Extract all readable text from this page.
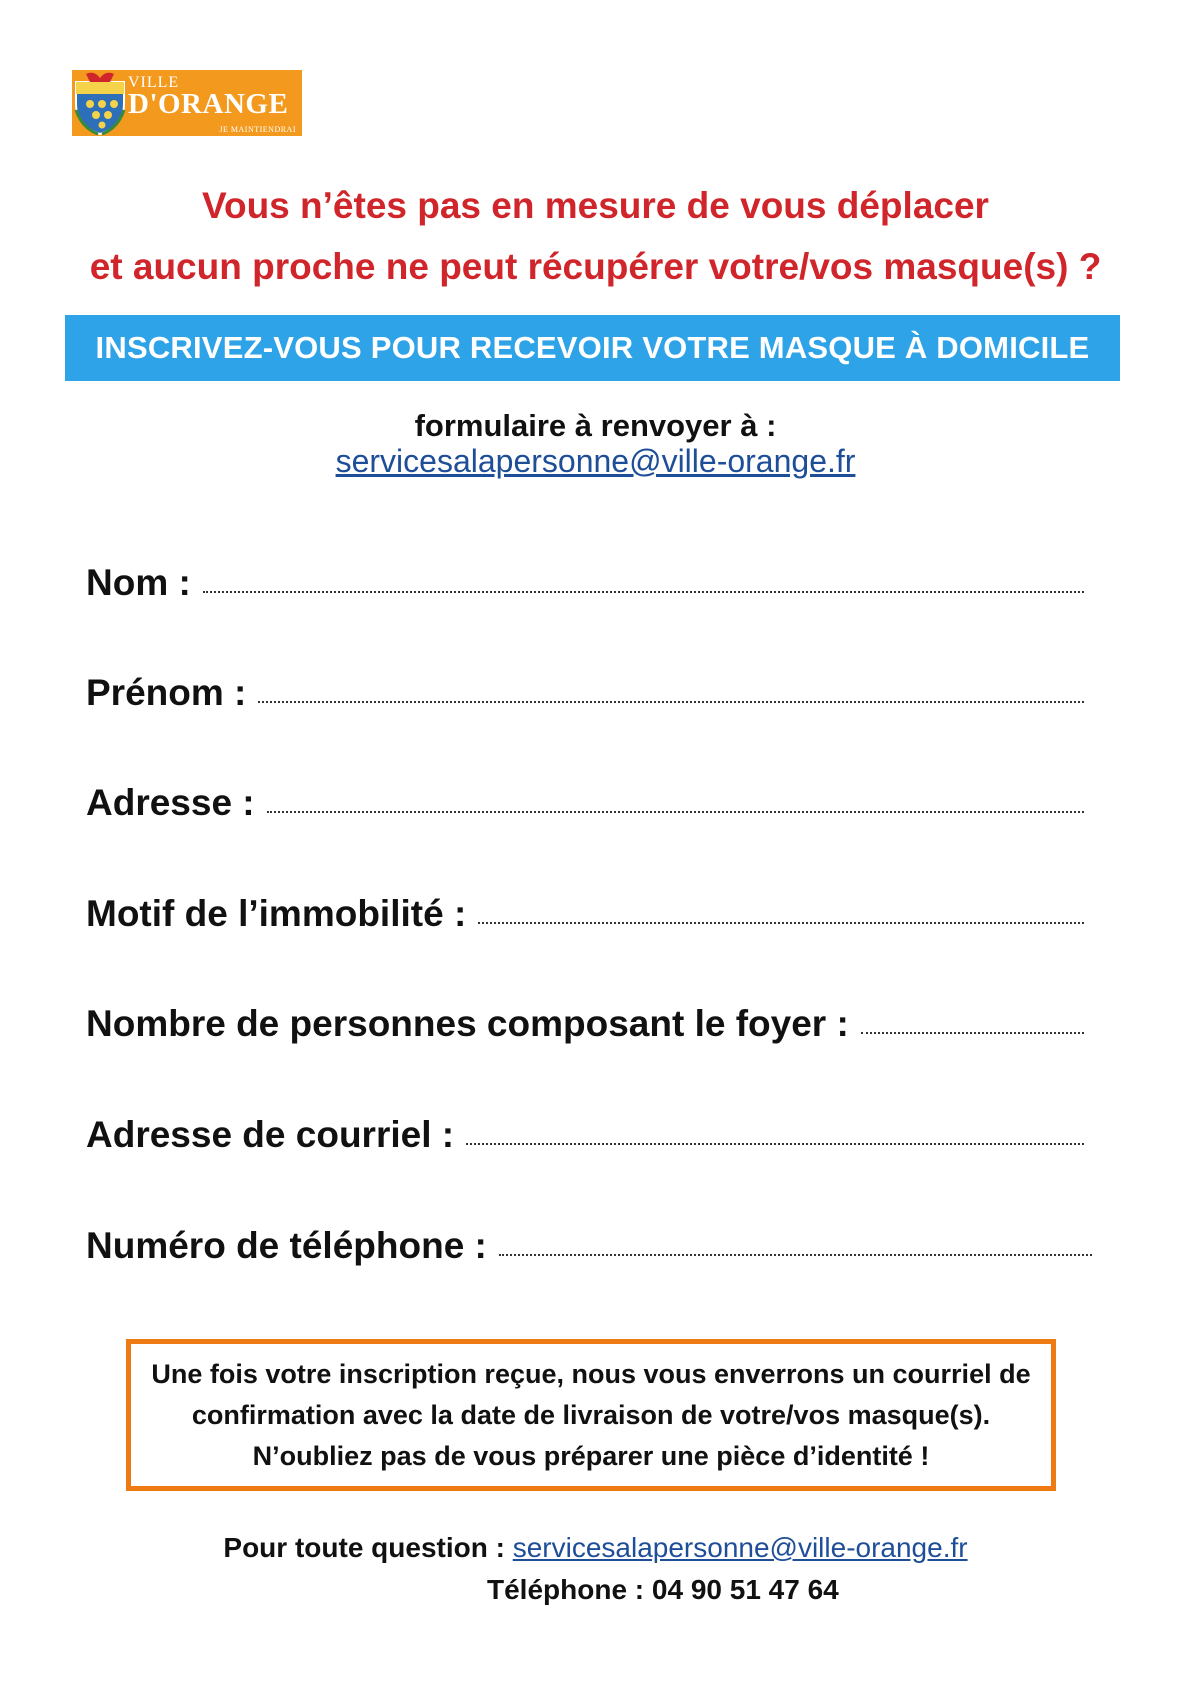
VILLE
D'ORANGE
JE MAINTIENDRAI
Vous n’êtes pas en mesure de vous déplacer
et aucun proche ne peut récupérer votre/vos masque(s) ?
INSCRIVEZ-VOUS POUR RECEVOIR VOTRE MASQUE À DOMICILE
formulaire à renvoyer à :
servicesalapersonne@ville-orange.fr
Nom :
Prénom :
Adresse :
Motif de l’immobilité :
Nombre de personnes composant le foyer :
Adresse de courriel :
Numéro de téléphone :
Une fois votre inscription reçue, nous vous enverrons un courriel de confirmation avec la date de livraison de votre/vos masque(s). N’oubliez pas de vous préparer une pièce d’identité !
Pour toute question : servicesalapersonne@ville-orange.fr
Téléphone : 04 90 51 47 64
